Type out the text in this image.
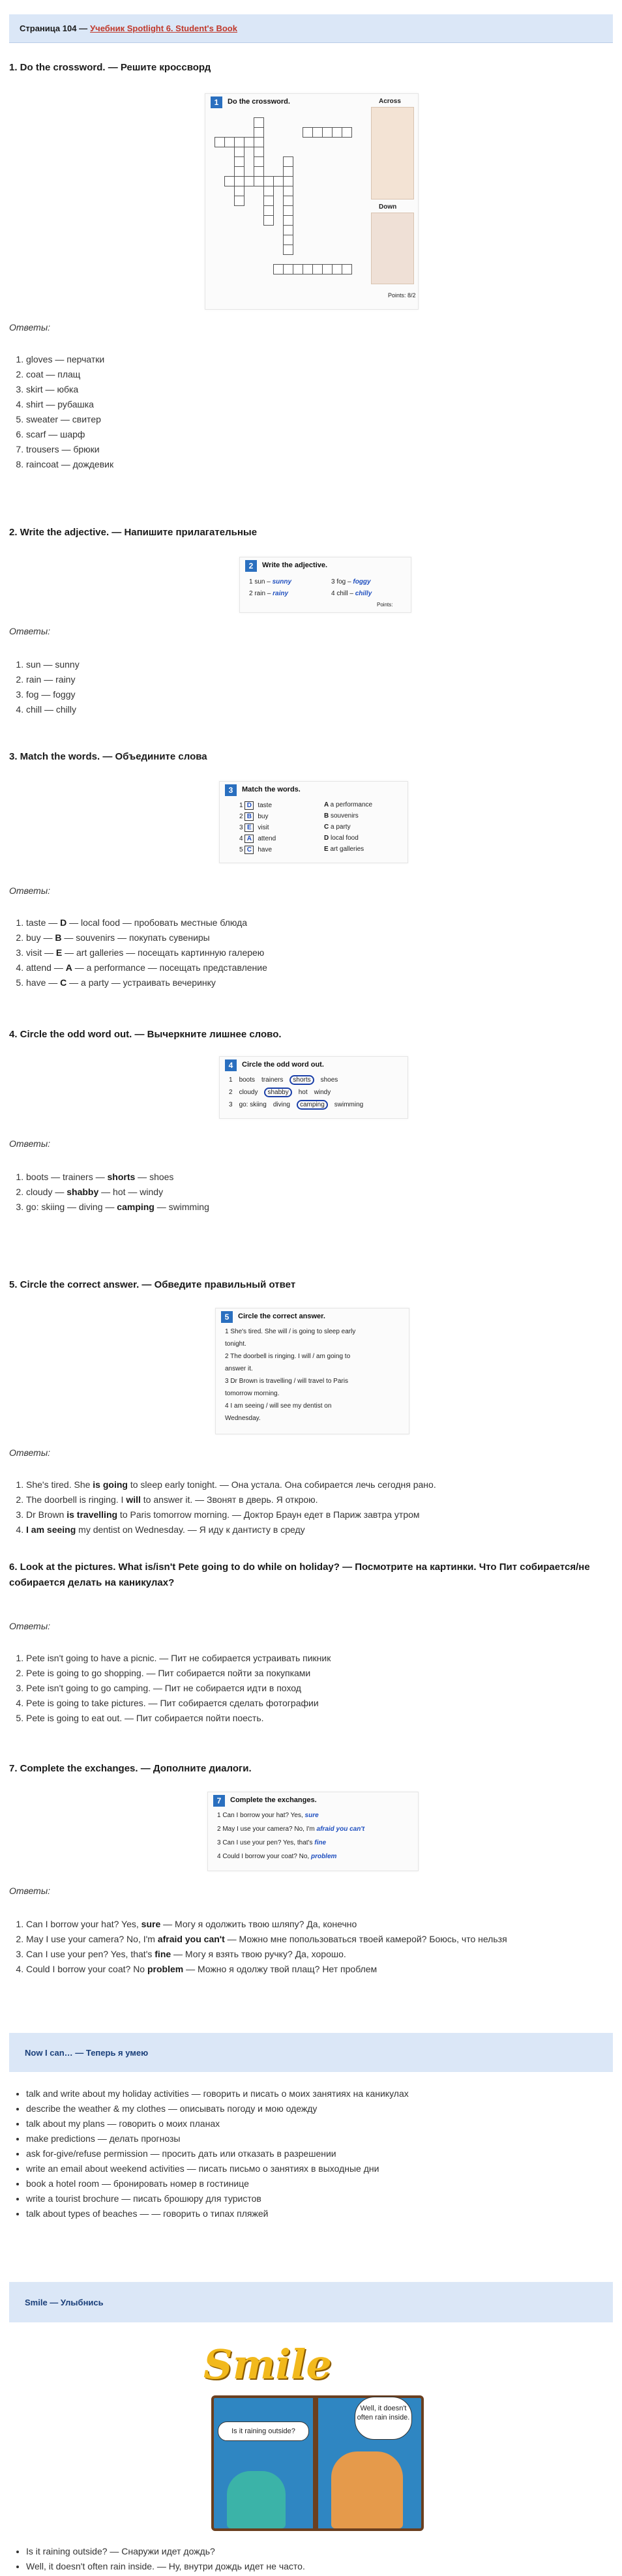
Страница 104 — Учебник Spotlight 6. Student's Book
1. Do the crossword. — Решите кроссворд
1	Do the crossword.	Across
Down
Points: 8/2
Ответы:
1. gloves — перчатки
2. coat — плащ
3. skirt — юбка
4. shirt — рубашка
5. sweater — свитер
6. scarf — шарф
7. trousers — брюки
8. raincoat — дождевик
2. Write the adjective. — Напишите прилагательные
2	Write the adjective.
1 sun – sunny
2 rain – rainy
3 fog – foggy
4 chill – chilly
Points:
Ответы:
1. sun — sunny
2. rain — rainy
3. fog — foggy
4. chill — chilly
3. Match the words. — Объедините слова
3	Match the words.
1 D taste
2 B buy
3 E visit
4 A attend
5 C have
A a performance
B souvenirs
C a party
D local food
E art galleries
Ответы:
1. taste — D — local food — пробовать местные блюда
2. buy — B — souvenirs — покупать сувениры
3. visit — E — art galleries — посещать картинную галерею
4. attend — A — a performance — посещать представление
5. have — C — a party — устраивать вечеринку
4. Circle the odd word out. — Вычеркните лишнее слово.
4	Circle the odd word out.
1 boots trainers shorts shoes
2 cloudy shabby hot windy
3 go: skiing diving camping swimming
Ответы:
1. boots — trainers — shorts — shoes
2. cloudy — shabby — hot — windy
3. go: skiing — diving — camping — swimming
5. Circle the correct answer. — Обведите правильный ответ
5	Circle the correct answer.
1 She's tired. She will / is going to sleep early
tonight.
2 The doorbell is ringing. I will / am going to
answer it.
3 Dr Brown is travelling / will travel to Paris
tomorrow morning.
4 I am seeing / will see my dentist on
Wednesday.
Ответы:
1. She's tired. She is going to sleep early tonight. — Она устала. Она собирается лечь сегодня рано.
2. The doorbell is ringing. I will to answer it. — Звонят в дверь. Я открою.
3. Dr Brown is travelling to Paris tomorrow morning. — Доктор Браун едет в Париж завтра утром
4. I am seeing my dentist on Wednesday. — Я иду к дантисту в среду
6. Look at the pictures. What is/isn't Pete going to do while on holiday? — Посмотрите на картинки. Что Пит собирается/не собирается делать на каникулах?
Ответы:
1. Pete isn't going to have a picnic. — Пит не собирается устраивать пикник
2. Pete is going to go shopping. — Пит собирается пойти за покупками
3. Pete isn't going to go camping. — Пит не собирается идти в поход
4. Pete is going to take pictures. — Пит собирается сделать фотографии
5. Pete is going to eat out. — Пит собирается пойти поесть.
7. Complete the exchanges. — Дополните диалоги.
7	Complete the exchanges.
1 Can I borrow your hat? Yes, sure
2 May I use your camera? No, I'm afraid you can't
3 Can I use your pen? Yes, that's fine
4 Could I borrow your coat? No, problem
Ответы:
1. Can I borrow your hat? Yes, sure — Могу я одолжить твою шляпу? Да, конечно
2. May I use your camera? No, I'm afraid you can't — Можно мне попользоваться твоей камерой? Боюсь, что нельзя
3. Can I use your pen? Yes, that's fine — Могу я взять твою ручку? Да, хорошо.
4. Could I borrow your coat? No problem — Можно я одолжу твой плащ? Нет проблем
Now I can… — Теперь я умею
• talk and write about my holiday activities — говорить и писать о моих занятиях на каникулах
• describe the weather & my clothes — описывать погоду и мою одежду
• talk about my plans — говорить о моих планах
• make predictions — делать прогнозы
• ask for-give/refuse permission — просить дать или отказать в разрешении
• write an email about weekend activities — писать письмо о занятиях в выходные дни
• book a hotel room — бронировать номер в гостинице
• write a tourist brochure — писать брошюру для туристов
• talk about types of beaches — — говорить о типах пляжей
Smile — Улыбнись
Smile
Is it raining outside?
Well, it doesn't often rain inside.
• Is it raining outside? — Снаружи идет дождь?
• Well, it doesn't often rain inside. — Ну, внутри дождь идет не часто.
